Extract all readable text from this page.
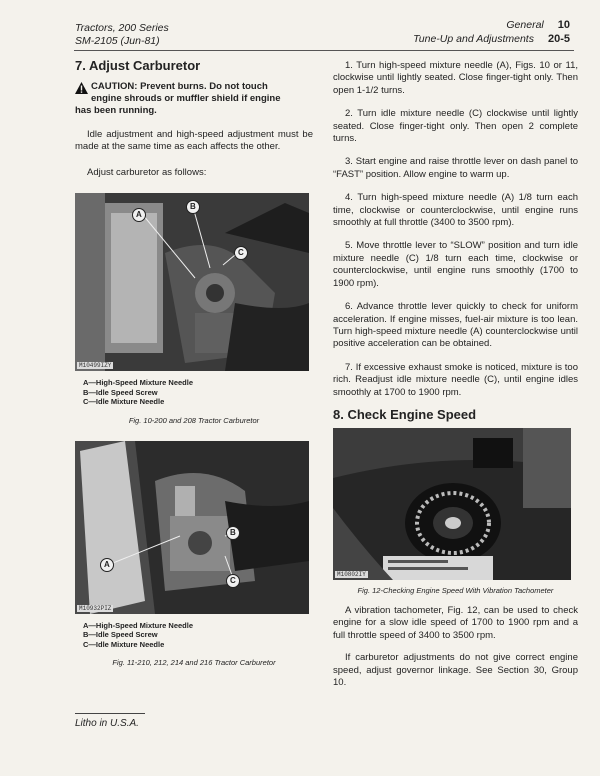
Tractors, 200 Series
SM-2105 (Jun-81)
General 10
Tune-Up and Adjustments 20-5
7. Adjust Carburetor
CAUTION: Prevent burns. Do not touch
engine shrouds or muffler shield if engine

has been running.

Idle adjustment and high-speed adjustment must be made at the same time as each affects the other.

Adjust carburetor as follows:

A
B
C
M10499IZY
A—High-Speed Mixture Needle
B—Idle Speed Screw
C—Idle Mixture Needle
Fig. 10-200 and 208 Tractor Carburetor
A
B
C
M10932PIZ
A—High-Speed Mixture Needle
B—Idle Speed Screw
C—Idle Mixture Needle
Fig. 11-210, 212, 214 and 216 Tractor Carburetor

1. Turn high-speed mixture needle (A), Figs. 10 or 11, clockwise until lightly seated. Close finger-tight only. Then open 1-1/2 turns.

2. Turn idle mixture needle (C) clockwise until lightly seated. Close finger-tight only. Then open 2 complete turns.

3. Start engine and raise throttle lever on dash panel to “FAST” position. Allow engine to warm up.

4. Turn high-speed mixture needle (A) 1/8 turn each time, clockwise or counterclockwise, until engine runs smoothly at full throttle (3400 to 3500 rpm).

5. Move throttle lever to “SLOW” position and turn idle mixture needle (C) 1/8 turn each time, clockwise or counterclockwise, until engine runs smoothly (1700 to 1900 rpm).

6. Advance throttle lever quickly to check for uniform acceleration. If engine misses, fuel-air mixture is too lean. Turn high-speed mixture needle (A) counterclockwise until positive acceleration can be obtained.

7. If excessive exhaust smoke is noticed, mixture is too rich. Readjust idle mixture needle (C), until engine idles smoothly at 1700 to 1900 rpm.

8. Check Engine Speed
M10802IY
Fig. 12-Checking Engine Speed With Vibration Tachometer

A vibration tachometer, Fig. 12, can be used to check engine for a slow idle speed of 1700 to 1900 rpm and a full throttle speed of 3400 to 3500 rpm.

If carburetor adjustments do not give correct engine speed, adjust governor linkage. See Section 30, Group 10.

Litho in U.S.A.
